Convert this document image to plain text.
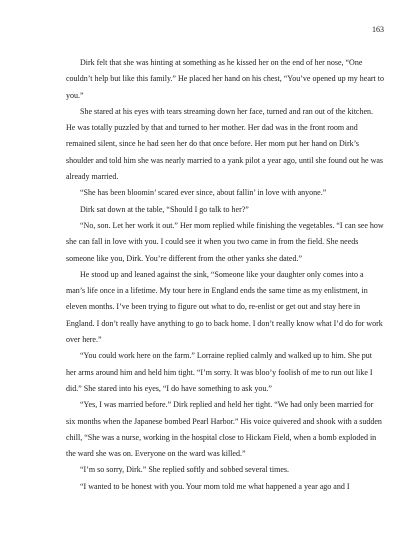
163

Dirk felt that she was hinting at something as he kissed her on the end of her nose, “One couldn’t help but like this family.” He placed her hand on his chest, “You’ve opened up my heart to you.”

She stared at his eyes with tears streaming down her face, turned and ran out of the kitchen. He was totally puzzled by that and turned to her mother. Her dad was in the front room and remained silent, since he had seen her do that once before. Her mom put her hand on Dirk’s shoulder and told him she was nearly married to a yank pilot a year ago, until she found out he was already married.

“She has been bloomin’ scared ever since, about fallin’ in love with anyone.”

Dirk sat down at the table, “Should I go talk to her?”

“No, son. Let her work it out.” Her mom replied while finishing the vegetables. “I can see how she can fall in love with you. I could see it when you two came in from the field. She needs someone like you, Dirk. You’re different from the other yanks she dated.”

He stood up and leaned against the sink, “Someone like your daughter only comes into a man’s life once in a lifetime. My tour here in England ends the same time as my enlistment, in eleven months. I’ve been trying to figure out what to do, re-enlist or get out and stay here in England. I don’t really have anything to go to back home. I don’t really know what I’d do for work over here.”

“You could work here on the farm.” Lorraine replied calmly and walked up to him. She put her arms around him and held him tight. “I’m sorry. It was bloo’y foolish of me to run out like I did.” She stared into his eyes, “I do have something to ask you.”

“Yes, I was married before.” Dirk replied and held her tight. “We had only been married for six months when the Japanese bombed Pearl Harbor.” His voice quivered and shook with a sudden chill, “She was a nurse, working in the hospital close to Hickam Field, when a bomb exploded in the ward she was on. Everyone on the ward was killed.”

“I’m so sorry, Dirk.” She replied softly and sobbed several times.

“I wanted to be honest with you. Your mom told me what happened a year ago and I
